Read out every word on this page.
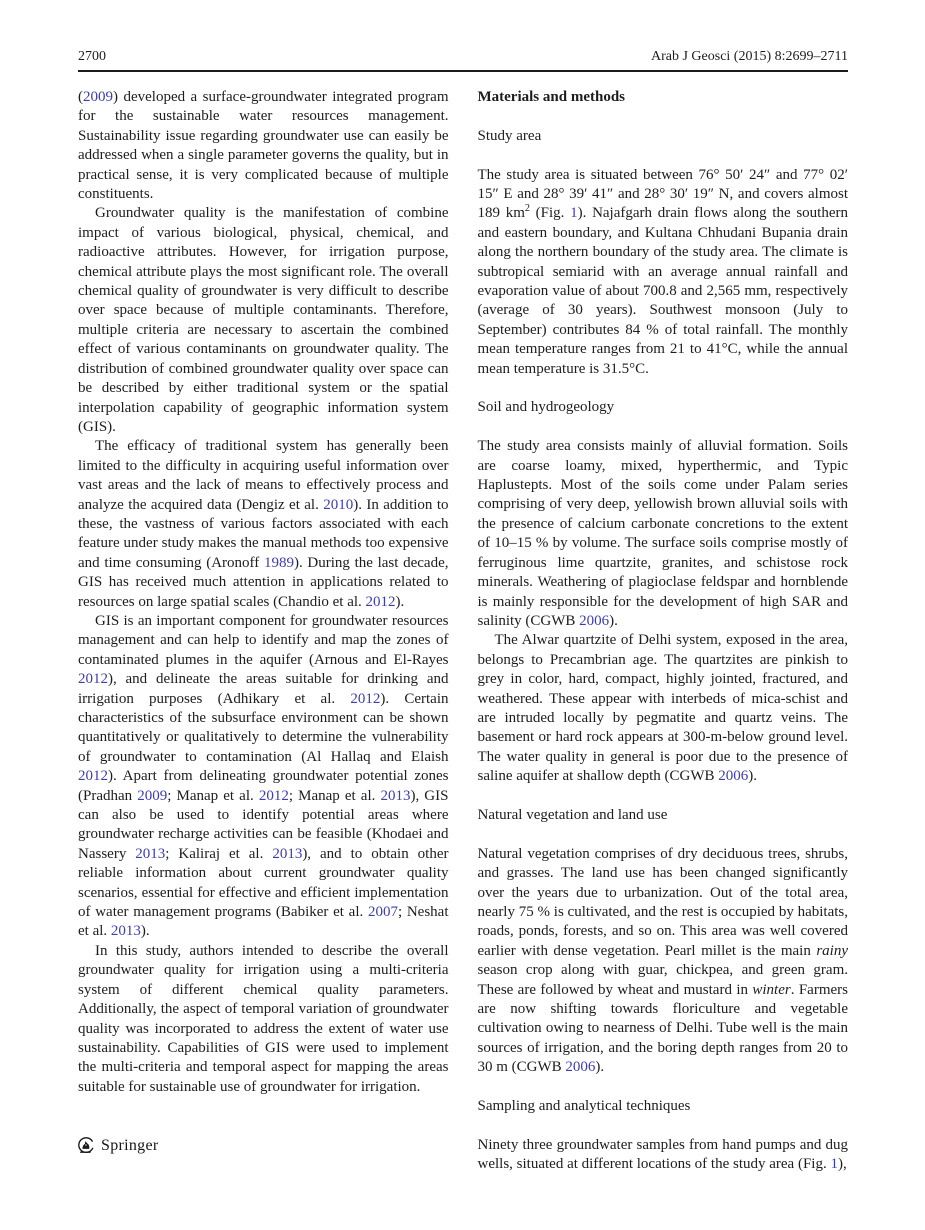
2700	Arab J Geosci (2015) 8:2699–2711

(2009) developed a surface-groundwater integrated program for the sustainable water resources management. Sustainability issue regarding groundwater use can easily be addressed when a single parameter governs the quality, but in practical sense, it is very complicated because of multiple constituents.

Groundwater quality is the manifestation of combine impact of various biological, physical, chemical, and radioactive attributes. However, for irrigation purpose, chemical attribute plays the most significant role. The overall chemical quality of groundwater is very difficult to describe over space because of multiple contaminants. Therefore, multiple criteria are necessary to ascertain the combined effect of various contaminants on groundwater quality. The distribution of combined groundwater quality over space can be described by either traditional system or the spatial interpolation capability of geographic information system (GIS).

The efficacy of traditional system has generally been limited to the difficulty in acquiring useful information over vast areas and the lack of means to effectively process and analyze the acquired data (Dengiz et al. 2010). In addition to these, the vastness of various factors associated with each feature under study makes the manual methods too expensive and time consuming (Aronoff 1989). During the last decade, GIS has received much attention in applications related to resources on large spatial scales (Chandio et al. 2012).

GIS is an important component for groundwater resources management and can help to identify and map the zones of contaminated plumes in the aquifer (Arnous and El-Rayes 2012), and delineate the areas suitable for drinking and irrigation purposes (Adhikary et al. 2012). Certain characteristics of the subsurface environment can be shown quantitatively or qualitatively to determine the vulnerability of groundwater to contamination (Al Hallaq and Elaish 2012). Apart from delineating groundwater potential zones (Pradhan 2009; Manap et al. 2012; Manap et al. 2013), GIS can also be used to identify potential areas where groundwater recharge activities can be feasible (Khodaei and Nassery 2013; Kaliraj et al. 2013), and to obtain other reliable information about current groundwater quality scenarios, essential for effective and efficient implementation of water management programs (Babiker et al. 2007; Neshat et al. 2013).

In this study, authors intended to describe the overall groundwater quality for irrigation using a multi-criteria system of different chemical quality parameters. Additionally, the aspect of temporal variation of groundwater quality was incorporated to address the extent of water use sustainability. Capabilities of GIS were used to implement the multi-criteria and temporal aspect for mapping the areas suitable for sustainable use of groundwater for irrigation.

Materials and methods
Study area

The study area is situated between 76° 50′ 24″ and 77° 02′ 15″ E and 28° 39′ 41″ and 28° 30′ 19″ N, and covers almost 189 $km^2$ (Fig. 1). Najafgarh drain flows along the southern and eastern boundary, and Kultana Chhudani Bupania drain along the northern boundary of the study area. The climate is subtropical semiarid with an average annual rainfall and evaporation value of about 700.8 and 2,565 mm, respectively (average of 30 years). Southwest monsoon (July to September) contributes 84 % of total rainfall. The monthly mean temperature ranges from 21 to 41°C, while the annual mean temperature is 31.5°C.

Soil and hydrogeology

The study area consists mainly of alluvial formation. Soils are coarse loamy, mixed, hyperthermic, and Typic Haplustepts. Most of the soils come under Palam series comprising of very deep, yellowish brown alluvial soils with the presence of calcium carbonate concretions to the extent of 10–15 % by volume. The surface soils comprise mostly of ferruginous lime quartzite, granites, and schistose rock minerals. Weathering of plagioclase feldspar and hornblende is mainly responsible for the development of high SAR and salinity (CGWB 2006).

The Alwar quartzite of Delhi system, exposed in the area, belongs to Precambrian age. The quartzites are pinkish to grey in color, hard, compact, highly jointed, fractured, and weathered. These appear with interbeds of mica-schist and are intruded locally by pegmatite and quartz veins. The basement or hard rock appears at 300-m-below ground level. The water quality in general is poor due to the presence of saline aquifer at shallow depth (CGWB 2006).

Natural vegetation and land use

Natural vegetation comprises of dry deciduous trees, shrubs, and grasses. The land use has been changed significantly over the years due to urbanization. Out of the total area, nearly 75 % is cultivated, and the rest is occupied by habitats, roads, ponds, forests, and so on. This area was well covered earlier with dense vegetation. Pearl millet is the main rainy season crop along with guar, chickpea, and green gram. These are followed by wheat and mustard in winter. Farmers are now shifting towards floriculture and vegetable cultivation owing to nearness of Delhi. Tube well is the main sources of irrigation, and the boring depth ranges from 20 to 30 m (CGWB 2006).

Sampling and analytical techniques

Ninety three groundwater samples from hand pumps and dug wells, situated at different locations of the study area (Fig. 1),

Springer
